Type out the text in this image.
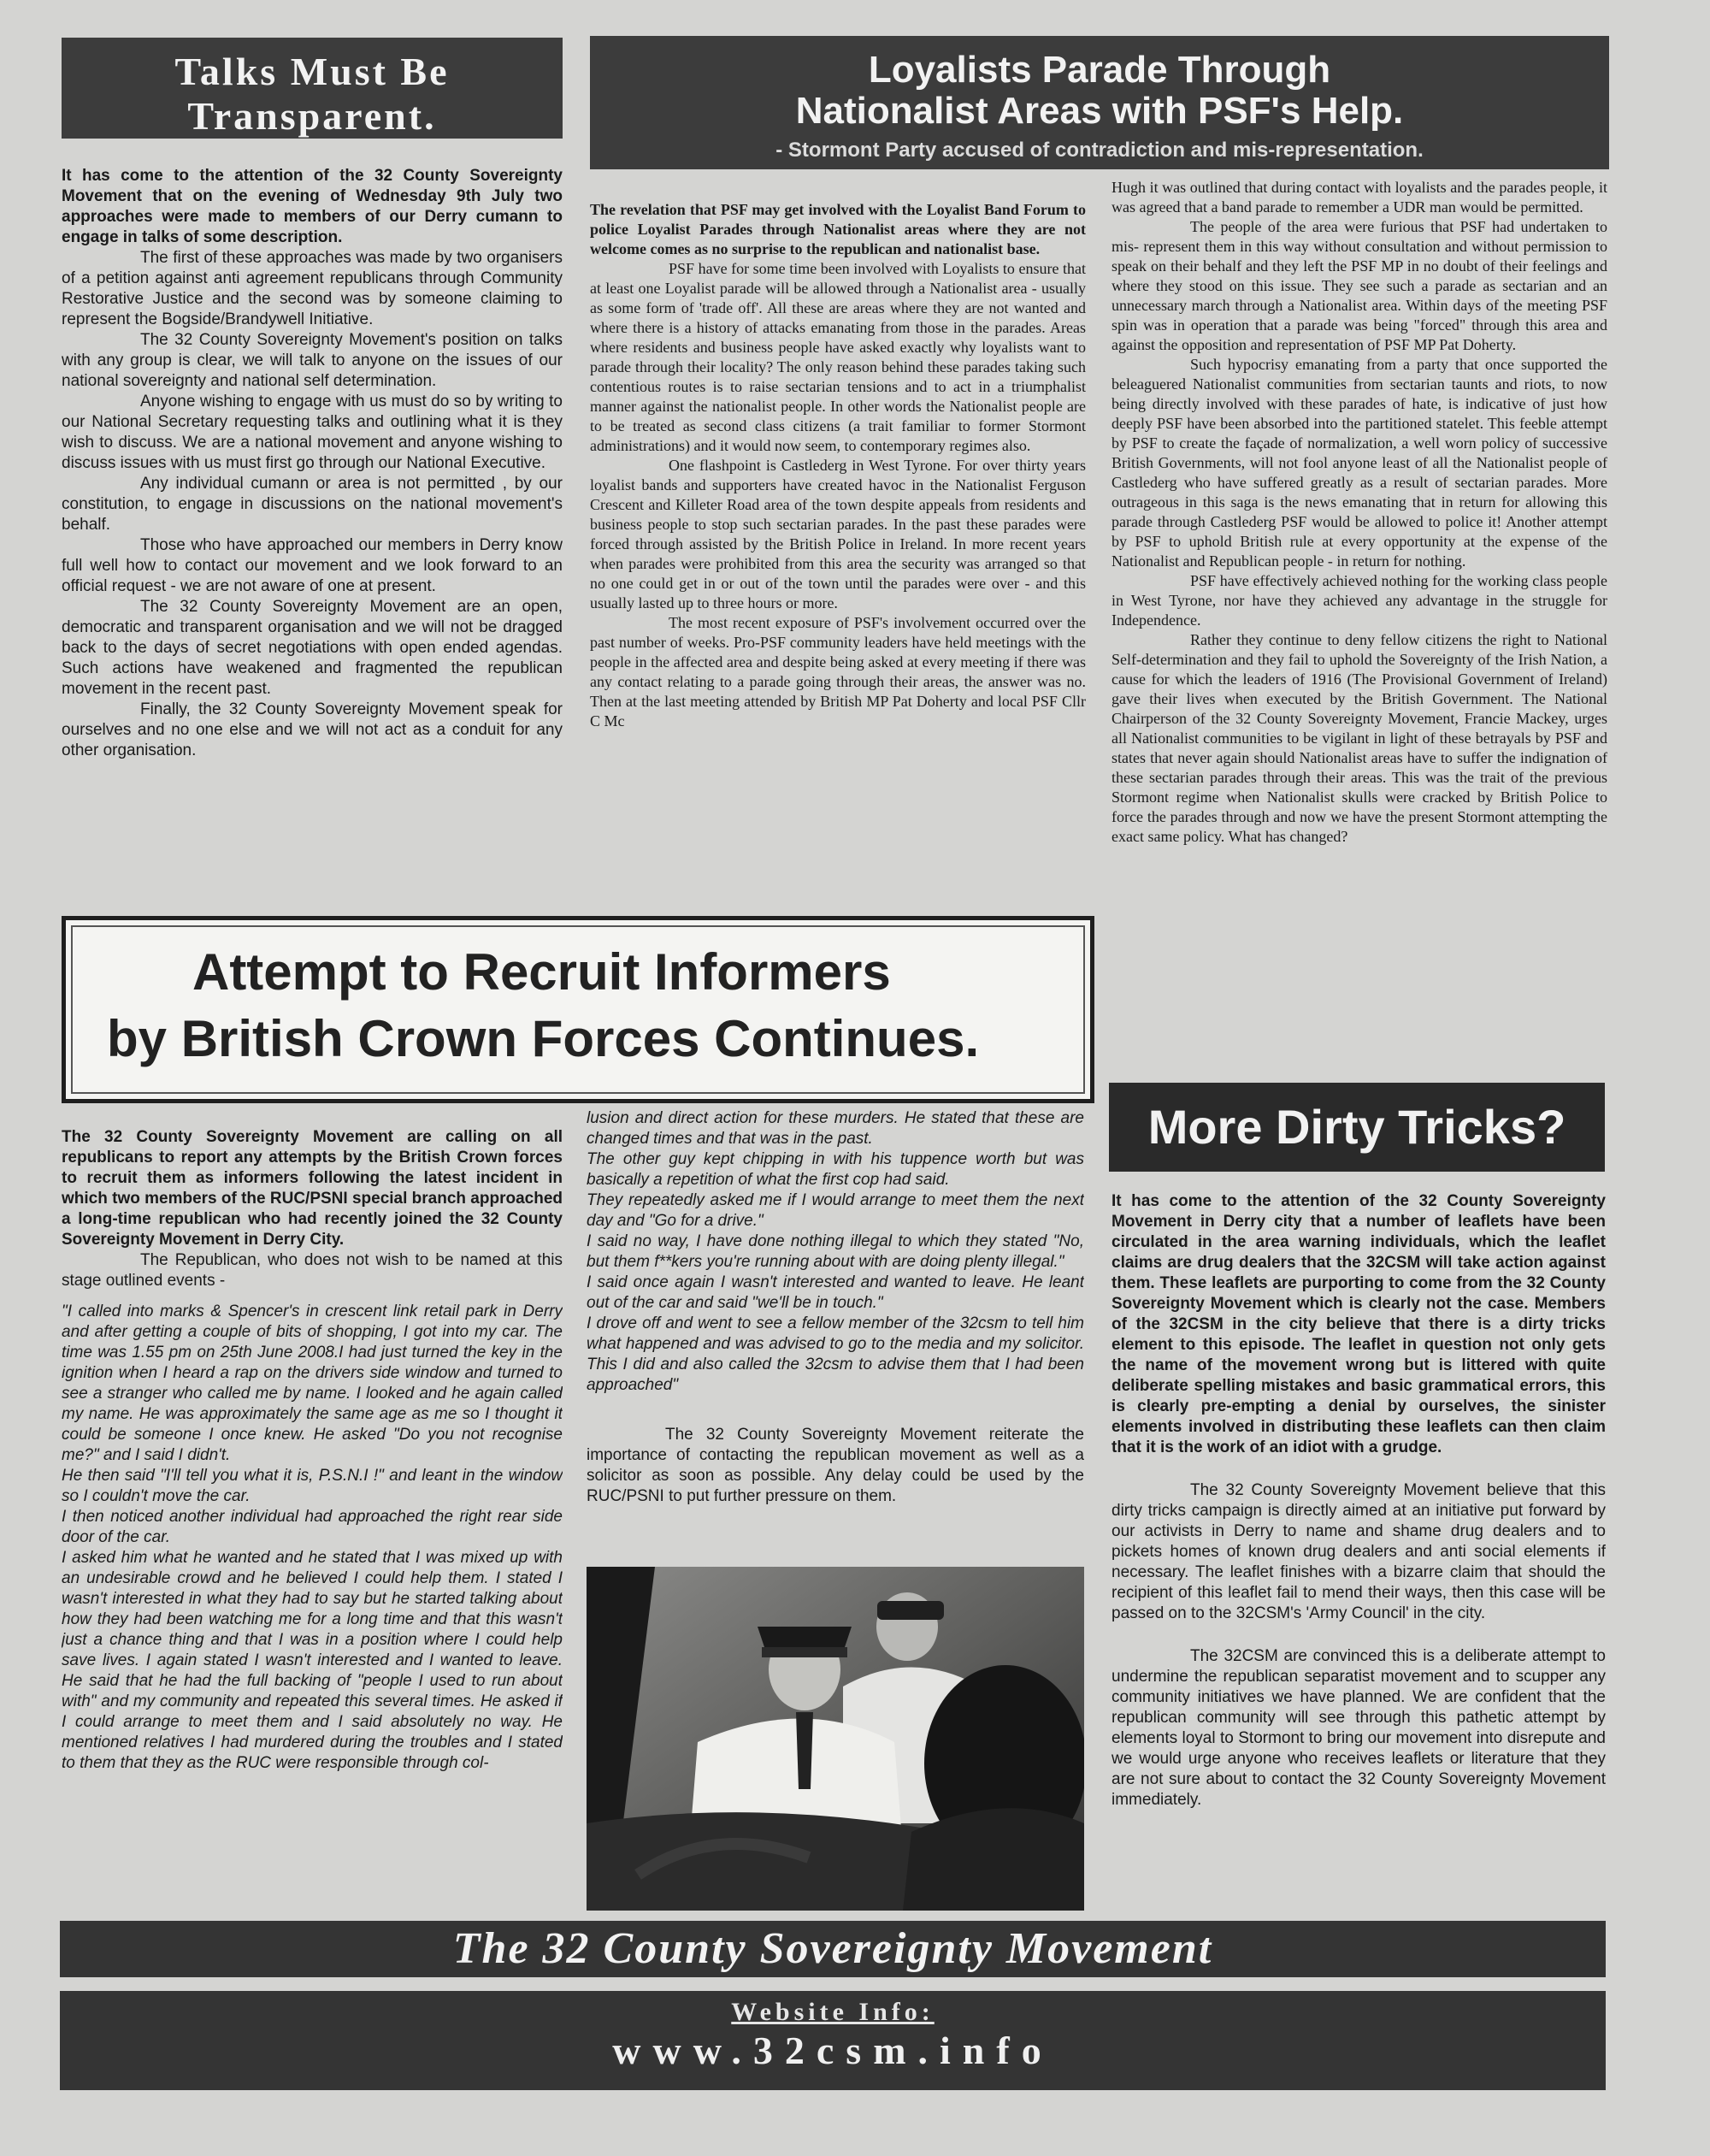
Talks Must Be
Transparent.

It has come to the attention of the 32 County Sovereignty Movement that on the evening of Wednesday 9th July two approaches were made to members of our Derry cumann to engage in talks of some description.

The first of these approaches was made by two organisers of a petition against anti agreement republicans through Community Restorative Justice and the second was by someone claiming to represent the Bogside/Brandywell Initiative.

The 32 County Sovereignty Movement's position on talks with any group is clear, we will talk to anyone on the issues of our national sovereignty and national self determination.

Anyone wishing to engage with us must do so by writing to our National Secretary requesting talks and outlining what it is they wish to discuss. We are a national movement and anyone wishing to discuss issues with us must first go through our National Executive.

Any individual cumann or area is not permitted , by our constitution, to engage in discussions on the national movement's behalf.

Those who have approached our members in Derry know full well how to contact our movement and we look forward to an official request - we are not aware of one at present.

The 32 County Sovereignty Movement are an open, democratic and transparent organisation and we will not be dragged back to the days of secret negotiations with open ended agendas. Such actions have weakened and fragmented the republican movement in the recent past.

Finally, the 32 County Sovereignty Movement speak for ourselves and no one else and we will not act as a conduit for any other organisation.

Loyalists Parade Through
Nationalist Areas with PSF's Help.
- Stormont Party accused of contradiction and mis-representation.

The revelation that PSF may get involved with the Loyalist Band Forum to police Loyalist Parades through Nationalist areas where they are not welcome comes as no surprise to the republican and nationalist base.

PSF have for some time been involved with Loyalists to ensure that at least one Loyalist parade will be allowed through a Nationalist area - usually as some form of 'trade off'. All these are areas where they are not wanted and where there is a history of attacks emanating from those in the parades. Areas where residents and business people have asked exactly why loyalists want to parade through their locality? The only reason behind these parades taking such contentious routes is to raise sectarian tensions and to act in a triumphalist manner against the nationalist people. In other words the Nationalist people are to be treated as second class citizens (a trait familiar to former Stormont administrations) and it would now seem, to contemporary regimes also.

One flashpoint is Castlederg in West Tyrone. For over thirty years loyalist bands and supporters have created havoc in the Nationalist Ferguson Crescent and Killeter Road area of the town despite appeals from residents and business people to stop such sectarian parades. In the past these parades were forced through assisted by the British Police in Ireland. In more recent years when parades were prohibited from this area the security was arranged so that no one could get in or out of the town until the parades were over - and this usually lasted up to three hours or more.

The most recent exposure of PSF's involvement occurred over the past number of weeks. Pro-PSF community leaders have held meetings with the people in the affected area and despite being asked at every meeting if there was any contact relating to a parade going through their areas, the answer was no. Then at the last meeting attended by British MP Pat Doherty and local PSF Cllr C Mc

Hugh it was outlined that during contact with loyalists and the parades people, it was agreed that a band parade to remember a UDR man would be permitted.

The people of the area were furious that PSF had undertaken to mis- represent them in this way without consultation and without permission to speak on their behalf and they left the PSF MP in no doubt of their feelings and where they stood on this issue. They see such a parade as sectarian and an unnecessary march through a Nationalist area. Within days of the meeting PSF spin was in operation that a parade was being "forced" through this area and against the opposition and representation of PSF MP Pat Doherty.

Such hypocrisy emanating from a party that once supported the beleaguered Nationalist communities from sectarian taunts and riots, to now being directly involved with these parades of hate, is indicative of just how deeply PSF have been absorbed into the partitioned statelet. This feeble attempt by PSF to create the façade of normalization, a well worn policy of successive British Governments, will not fool anyone least of all the Nationalist people of Castlederg who have suffered greatly as a result of sectarian parades. More outrageous in this saga is the news emanating that in return for allowing this parade through Castlederg PSF would be allowed to police it! Another attempt by PSF to uphold British rule at every opportunity at the expense of the Nationalist and Republican people - in return for nothing.

PSF have effectively achieved nothing for the working class people in West Tyrone, nor have they achieved any advantage in the struggle for Independence.

Rather they continue to deny fellow citizens the right to National Self-determination and they fail to uphold the Sovereignty of the Irish Nation, a cause for which the leaders of 1916 (The Provisional Government of Ireland) gave their lives when executed by the British Government. The National Chairperson of the 32 County Sovereignty Movement, Francie Mackey, urges all Nationalist communities to be vigilant in light of these betrayals by PSF and states that never again should Nationalist areas have to suffer the indignation of these sectarian parades through their areas. This was the trait of the previous Stormont regime when Nationalist skulls were cracked by British Police to force the parades through and now we have the present Stormont attempting the exact same policy. What has changed?

Attempt to Recruit Informers
by British Crown Forces Continues.

The 32 County Sovereignty Movement are calling on all republicans to report any attempts by the British Crown forces to recruit them as informers following the latest incident in which two members of the RUC/PSNI special branch approached a long-time republican who had recently joined the 32 County Sovereignty Movement in Derry City.

The Republican, who does not wish to be named at this stage outlined events -

"I called into marks & Spencer's in crescent link retail park in Derry and after getting a couple of bits of shopping, I got into my car. The time was 1.55 pm on 25th June 2008.I had just turned the key in the ignition when I heard a rap on the drivers side window and turned to see a stranger who called me by name. I looked and he again called my name. He was approximately the same age as me so I thought it could be someone I once knew. He asked "Do you not recognise me?" and I said I didn't.

He then said "I'll tell you what it is, P.S.N.I !" and leant in the window so I couldn't move the car.

I then noticed another individual had approached the right rear side door of the car.

I asked him what he wanted and he stated that I was mixed up with an undesirable crowd and he believed I could help them. I stated I wasn't interested in what they had to say but he started talking about how they had been watching me for a long time and that this wasn't just a chance thing and that I was in a position where I could help save lives. I again stated I wasn't interested and I wanted to leave. He said that he had the full backing of "people I used to run about with" and my community and repeated this several times. He asked if I could arrange to meet them and I said absolutely no way. He mentioned relatives I had murdered during the troubles and I stated to them that they as the RUC were responsible through col-

lusion and direct action for these murders. He stated that these are changed times and that was in the past.

The other guy kept chipping in with his tuppence worth but was basically a repetition of what the first cop had said.

They repeatedly asked me if I would arrange to meet them the next day and "Go for a drive."

I said no way, I have done nothing illegal to which they stated "No, but them f**kers you're running about with are doing plenty illegal."

I said once again I wasn't interested and wanted to leave. He leant out of the car and said "we'll be in touch."

I drove off and went to see a fellow member of the 32csm to tell him what happened and was advised to go to the media and my solicitor. This I did and also called the 32csm to advise them that I had been approached"

The 32 County Sovereignty Movement reiterate the importance of contacting the republican movement as well as a solicitor as soon as possible. Any delay could be used by the RUC/PSNI to put further pressure on them.

More Dirty Tricks?

It has come to the attention of the 32 County Sovereignty Movement in Derry city that a number of leaflets have been circulated in the area warning individuals, which the leaflet claims are drug dealers that the 32CSM will take action against them. These leaflets are purporting to come from the 32 County Sovereignty Movement which is clearly not the case. Members of the 32CSM in the city believe that there is a dirty tricks element to this episode. The leaflet in question not only gets the name of the movement wrong but is littered with quite deliberate spelling mistakes and basic grammatical errors, this is clearly pre-empting a denial by ourselves, the sinister elements involved in distributing these leaflets can then claim that it is the work of an idiot with a grudge.

The 32 County Sovereignty Movement believe that this dirty tricks campaign is directly aimed at an initiative put forward by our activists in Derry to name and shame drug dealers and to pickets homes of known drug dealers and anti social elements if necessary. The leaflet finishes with a bizarre claim that should the recipient of this leaflet fail to mend their ways, then this case will be passed on to the 32CSM's 'Army Council' in the city.

The 32CSM are convinced this is a deliberate attempt to undermine the republican separatist movement and to scupper any community initiatives we have planned. We are confident that the republican community will see through this pathetic attempt by elements loyal to Stormont to bring our movement into disrepute and we would urge anyone who receives leaflets or literature that they are not sure about to contact the 32 County Sovereignty Movement immediately.

The 32 County Sovereignty Movement
Website Info:
www.32csm.info
